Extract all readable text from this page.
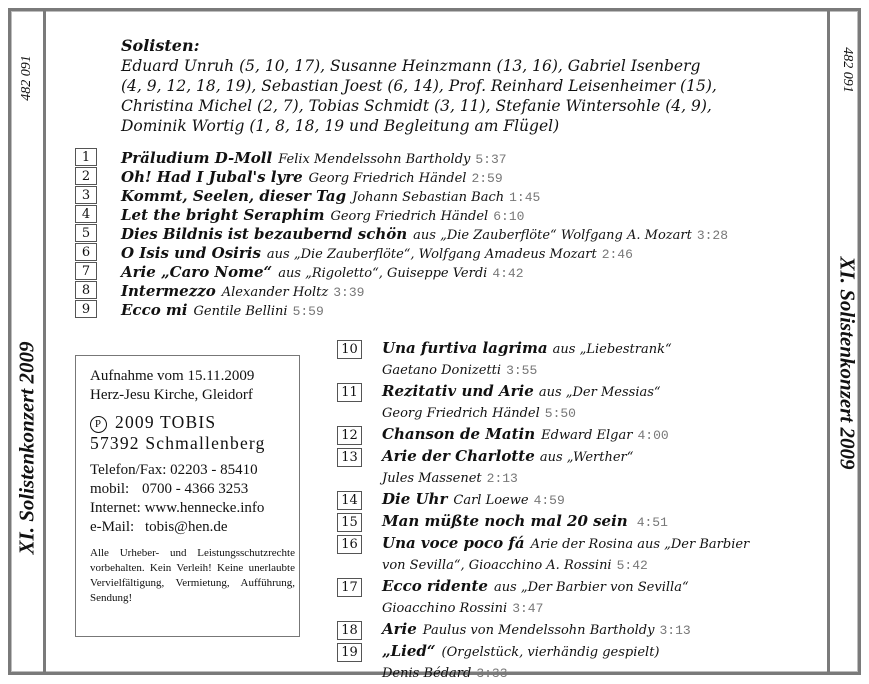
482 091
XI. Solistenkonzert 2009
482 091
XI. Solistenkonzert 2009
Solisten:
Eduard Unruh (5, 10, 17), Susanne Heinzmann (13, 16), Gabriel Isenberg
(4, 9, 12, 18, 19), Sebastian Joest (6, 14), Prof. Reinhard Leisenheimer (15),
Christina Michel (2, 7), Tobias Schmidt (3, 11), Stefanie Wintersohle (4, 9),
Dominik Wortig (1, 8, 18, 19 und Begleitung am Flügel)
1	Präludium D-Moll Felix Mendelssohn Bartholdy 5:37
2	Oh! Had I Jubal's lyre Georg Friedrich Händel 2:59
3	Kommt, Seelen, dieser Tag Johann Sebastian Bach 1:45
4	Let the bright Seraphim Georg Friedrich Händel 6:10
5	Dies Bildnis ist bezaubernd schön aus „Die Zauberflöte“ Wolfgang A. Mozart 3:28
6	O Isis und Osiris aus „Die Zauberflöte“, Wolfgang Amadeus Mozart 2:46
7	Arie „Caro Nome“ aus „Rigoletto“, Guiseppe Verdi 4:42
8	Intermezzo Alexander Holtz 3:39
9	Ecco mi Gentile Bellini 5:59
Aufnahme vom 15.11.2009
Herz-Jesu Kirche, Gleidorf
P 2009 TOBIS
57392 Schmallenberg
Telefon/Fax: 02203 - 85410
mobil: 0700 - 4366 3253
Internet: www.hennecke.info
e-Mail: tobis@hen.de
Alle Urheber- und Leistungsschutzrechte vorbehalten. Kein Verleih! Keine unerlaubte Vervielfältigung, Vermietung, Aufführung, Sendung!
10 Una furtiva lagrima aus „Liebestrank“
Gaetano Donizetti 3:55
11 Rezitativ und Arie aus „Der Messias“
Georg Friedrich Händel 5:50
12 Chanson de Matin Edward Elgar 4:00
13 Arie der Charlotte aus „Werther“
Jules Massenet 2:13
14 Die Uhr Carl Loewe 4:59
15 Man müßte noch mal 20 sein 4:51
16 Una voce poco fá Arie der Rosina aus „Der Barbier
von Sevilla“, Gioacchino A. Rossini 5:42
17 Ecco ridente aus „Der Barbier von Sevilla“
Gioacchino Rossini 3:47
18 Arie Paulus von Mendelssohn Bartholdy 3:13
19 „Lied“ (Orgelstück, vierhändig gespielt)
Denis Bédard 3:33
